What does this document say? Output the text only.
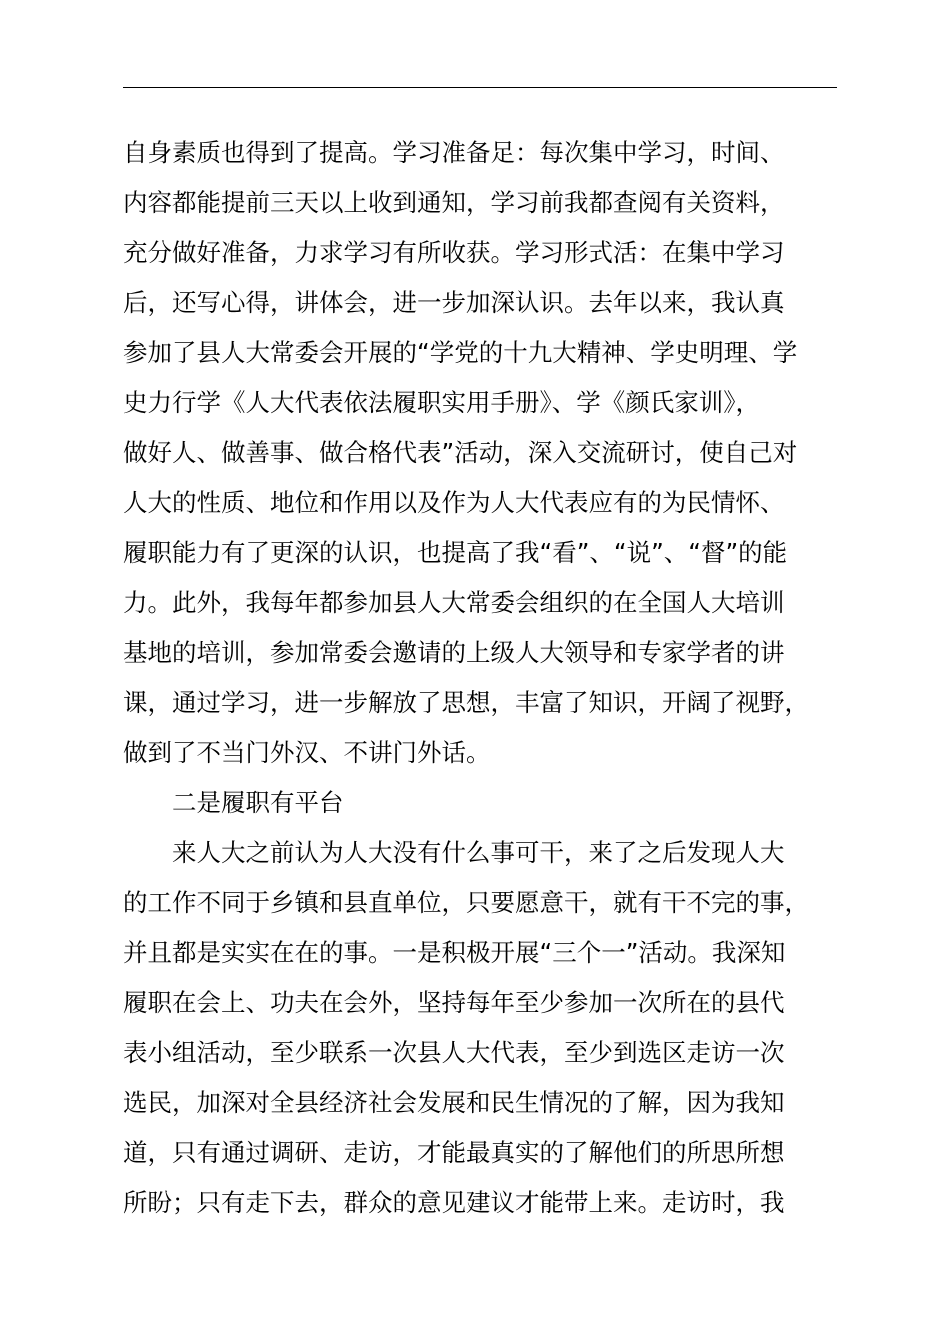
自身素质也得到了提高。学习准备足：每次集中学习，时间、
内容都能提前三天以上收到通知，学习前我都查阅有关资料，
充分做好准备，力求学习有所收获。学习形式活：在集中学习
后，还写心得，讲体会，进一步加深认识。去年以来，我认真
参加了县人大常委会开展的“学党的十九大精神、学史明理、学
史力行学《人大代表依法履职实用手册》、学《颜氏家训》，
做好人、做善事、做合格代表”活动，深入交流研讨，使自己对
人大的性质、地位和作用以及作为人大代表应有的为民情怀、
履职能力有了更深的认识，也提高了我“看”、“说”、“督”的能
力。此外，我每年都参加县人大常委会组织的在全国人大培训
基地的培训，参加常委会邀请的上级人大领导和专家学者的讲
课，通过学习，进一步解放了思想，丰富了知识，开阔了视野，
做到了不当门外汉、不讲门外话。
二是履职有平台
来人大之前认为人大没有什么事可干，来了之后发现人大
的工作不同于乡镇和县直单位，只要愿意干，就有干不完的事，
并且都是实实在在的事。一是积极开展“三个一”活动。我深知
履职在会上、功夫在会外，坚持每年至少参加一次所在的县代
表小组活动，至少联系一次县人大代表，至少到选区走访一次
选民，加深对全县经济社会发展和民生情况的了解，因为我知
道，只有通过调研、走访，才能最真实的了解他们的所思所想
所盼；只有走下去，群众的意见建议才能带上来。走访时，我
